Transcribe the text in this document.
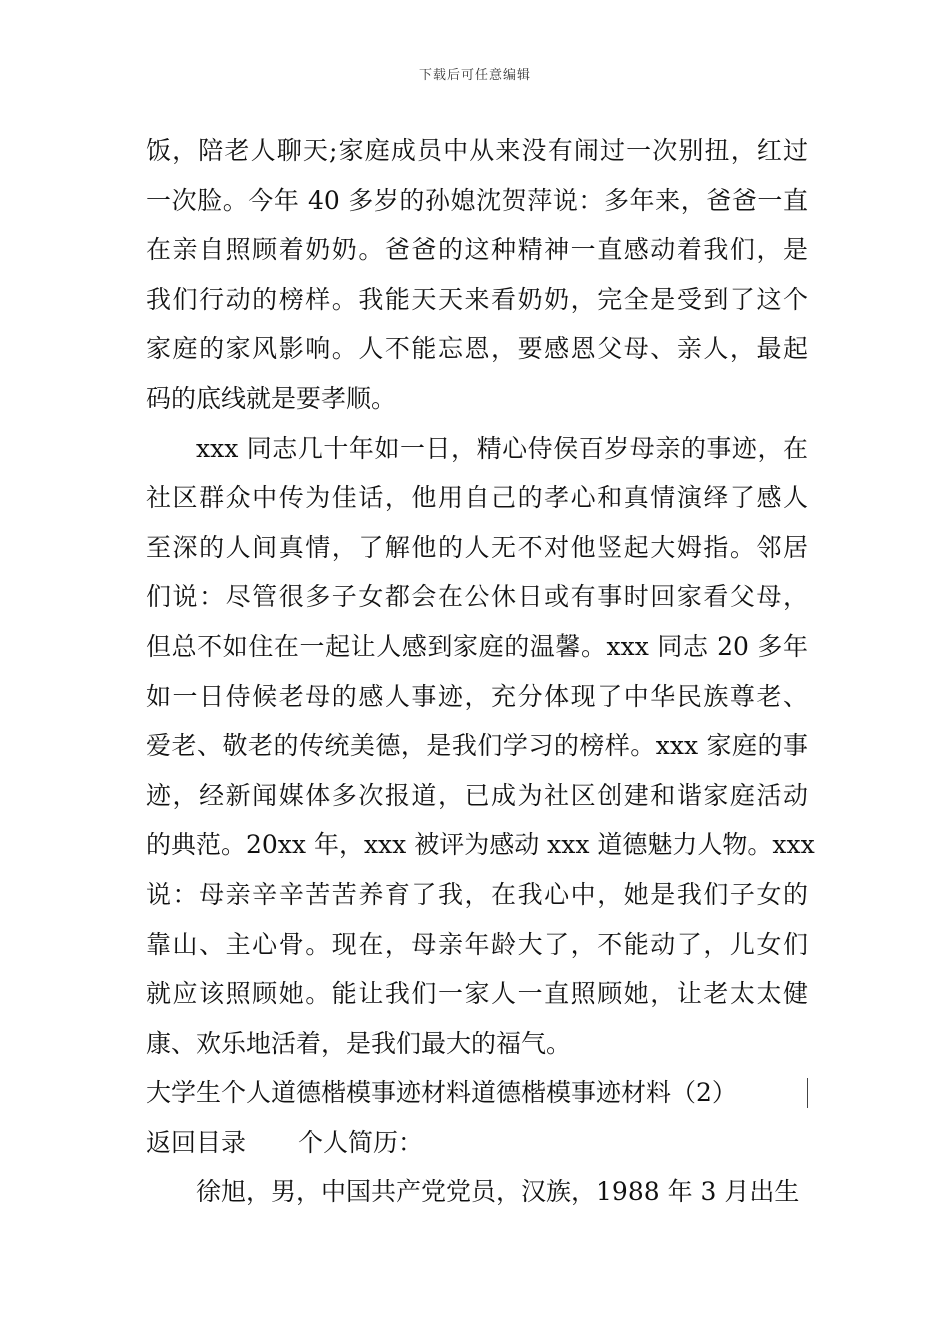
下载后可任意编辑
饭，陪老人聊天;家庭成员中从来没有闹过一次别扭，红过
一次脸。今年 40 多岁的孙媳沈贺萍说：多年来，爸爸一直
在亲自照顾着奶奶。爸爸的这种精神一直感动着我们，是
我们行动的榜样。我能天天来看奶奶，完全是受到了这个
家庭的家风影响。人不能忘恩，要感恩父母、亲人，最起
码的底线就是要孝顺。
xxx 同志几十年如一日，精心侍侯百岁母亲的事迹，在
社区群众中传为佳话，他用自己的孝心和真情演绎了感人
至深的人间真情，了解他的人无不对他竖起大姆指。邻居
们说：尽管很多子女都会在公休日或有事时回家看父母，
但总不如住在一起让人感到家庭的温馨。xxx 同志 20 多年
如一日侍候老母的感人事迹，充分体现了中华民族尊老、
爱老、敬老的传统美德，是我们学习的榜样。xxx 家庭的事
迹，经新闻媒体多次报道，已成为社区创建和谐家庭活动
的典范。20xx 年，xxx 被评为感动 xxx 道德魅力人物。xxx
说：母亲辛辛苦苦养育了我，在我心中，她是我们子女的
靠山、主心骨。现在，母亲年龄大了，不能动了，儿女们
就应该照顾她。能让我们一家人一直照顾她，让老太太健
康、欢乐地活着，是我们最大的福气。
大学生个人道德楷模事迹材料道德楷模事迹材料（2）
返回目录 个人简历：
徐旭，男，中国共产党党员，汉族，1988 年 3 月出生
